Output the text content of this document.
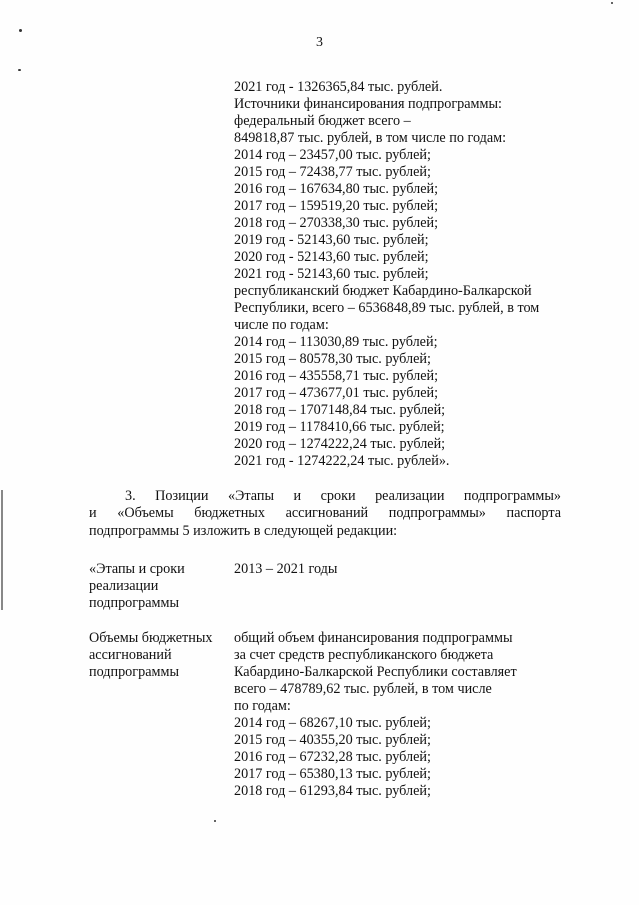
3
2021 год - 1326365,84 тыс. рублей.
Источники финансирования подпрограммы:
федеральный бюджет всего –
849818,87 тыс. рублей, в том числе по годам:
2014 год – 23457,00 тыс. рублей;
2015 год – 72438,77 тыс. рублей;
2016 год – 167634,80 тыс. рублей;
2017 год – 159519,20 тыс. рублей;
2018 год – 270338,30 тыс. рублей;
2019 год - 52143,60 тыс. рублей;
2020 год - 52143,60 тыс. рублей;
2021 год - 52143,60 тыс. рублей;
республиканский бюджет Кабардино-Балкарской
Республики, всего – 6536848,89 тыс. рублей, в том
числе по годам:
2014 год – 113030,89 тыс. рублей;
2015 год – 80578,30 тыс. рублей;
2016 год – 435558,71 тыс. рублей;
2017 год – 473677,01 тыс. рублей;
2018 год – 1707148,84 тыс. рублей;
2019 год – 1178410,66 тыс. рублей;
2020 год – 1274222,24 тыс. рублей;
2021 год - 1274222,24 тыс. рублей».
3. Позиции «Этапы и сроки реализации подпрограммы»
и «Объемы бюджетных ассигнований подпрограммы» паспорта
подпрограммы 5 изложить в следующей редакции:
«Этапы и сроки
реализации
подпрограммы
2013 – 2021 годы
Объемы бюджетных
ассигнований
подпрограммы
общий объем финансирования подпрограммы
за счет средств республиканского бюджета
Кабардино-Балкарской Республики составляет
всего – 478789,62 тыс. рублей, в том числе
по годам:
2014 год – 68267,10 тыс. рублей;
2015 год – 40355,20 тыс. рублей;
2016 год – 67232,28 тыс. рублей;
2017 год – 65380,13 тыс. рублей;
2018 год – 61293,84 тыс. рублей;
